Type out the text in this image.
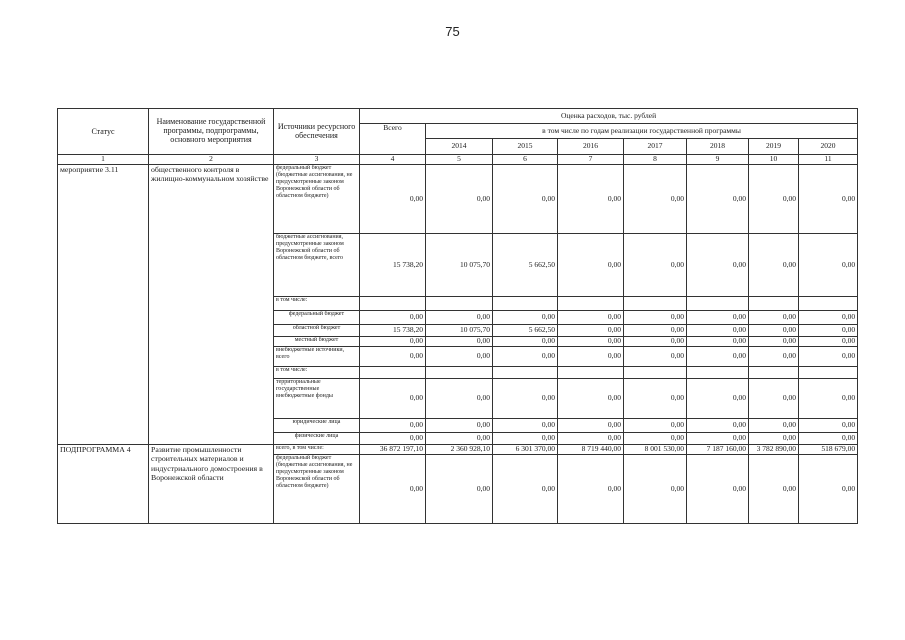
75
Статус	Наименование государственной программы, подпрограммы, основного мероприятия	Источники ресурсного обеспечения	Оценка расходов, тыс. рублей							
			Всего	в том числе по годам реализации государственной программы						
				2014	2015	2016	2017	2018	2019	2020
1	2	3	4	5	6	7	8	9	10	11
мероприятие 3.11	общественного контроля в жилищно-коммунальном хозяйстве	федеральный бюджет (бюджетные ассигнования, не предусмотренные законом Воронежской области об областном бюджете)	0,00	0,00	0,00	0,00	0,00	0,00	0,00	0,00
		бюджетные ассигнования, предусмотренные законом Воронежской области об областном бюджете, всего	15 738,20	10 075,70	5 662,50	0,00	0,00	0,00	0,00	0,00
		в том числе:								
		федеральный бюджет	0,00	0,00	0,00	0,00	0,00	0,00	0,00	0,00
		областной бюджет	15 738,20	10 075,70	5 662,50	0,00	0,00	0,00	0,00	0,00
		местный бюджет	0,00	0,00	0,00	0,00	0,00	0,00	0,00	0,00
		внебюджетные источники, всего	0,00	0,00	0,00	0,00	0,00	0,00	0,00	0,00
		в том числе:								
		территориальные государственные внебюджетные фонды	0,00	0,00	0,00	0,00	0,00	0,00	0,00	0,00
		юридические лица	0,00	0,00	0,00	0,00	0,00	0,00	0,00	0,00
		физические лица	0,00	0,00	0,00	0,00	0,00	0,00	0,00	0,00
ПОДПРОГРАММА 4	Развитие промышленности строительных материалов и индустриального домостроения в Воронежской области	всего, в том числе:	36 872 197,10	2 360 928,10	6 301 370,00	8 719 440,00	8 001 530,00	7 187 160,00	3 782 890,00	518 679,00
		федеральный бюджет (бюджетные ассигнования, не предусмотренные законом Воронежской области об областном бюджете)	0,00	0,00	0,00	0,00	0,00	0,00	0,00	0,00
